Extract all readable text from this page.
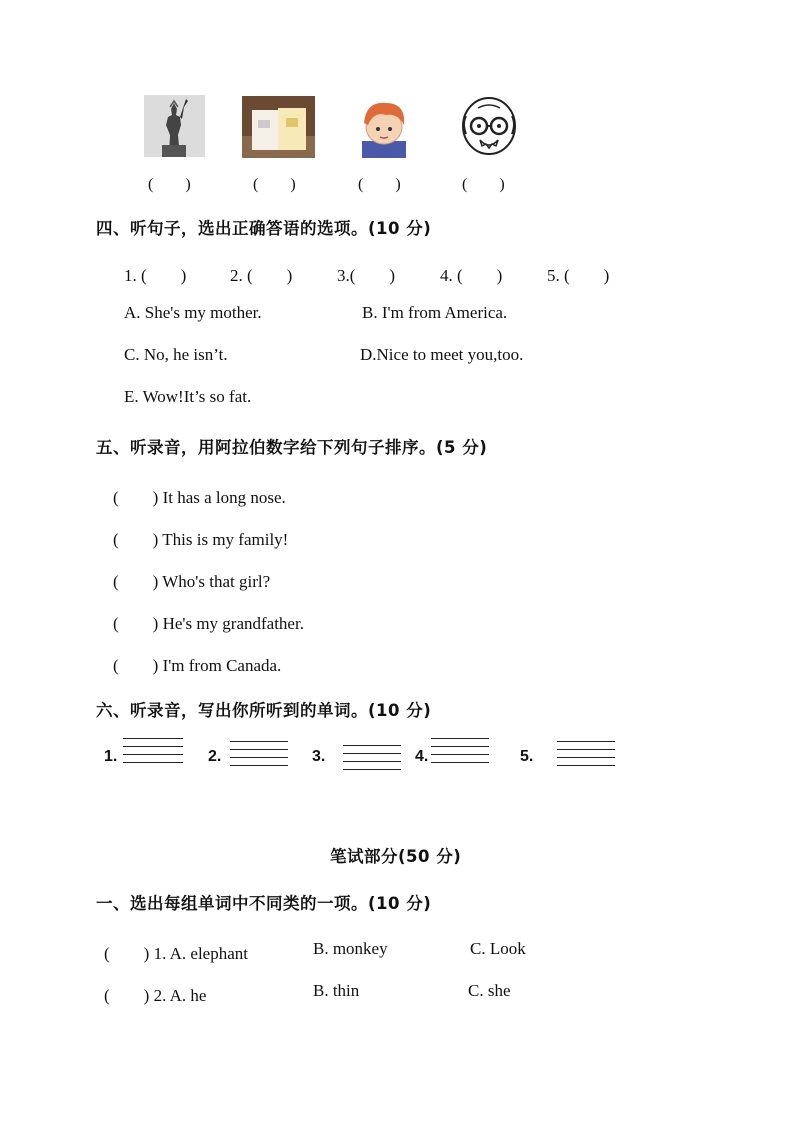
(　　)	(　　)	(　　)	(　　)
四、听句子，选出正确答语的选项。(10 分)
1. (　　)	2. (　　)	3.(　　)	4. (　　)	5. (　　)
A. She's my mother.	B. I'm from America.
C. No, he isn’t.	D.Nice to meet you,too.
E. Wow!It’s so fat.
五、听录音，用阿拉伯数字给下列句子排序。(5 分)
(　　) It has a long nose.
(　　) This is my family!
(　　) Who's that girl?
(　　) He's my grandfather.
(　　) I'm from Canada.
六、听录音，写出你所听到的单词。(10 分)
1.	2.	3.	4.	5.
笔试部分(50 分)
一、选出每组单词中不同类的一项。(10 分)
(　　) 1. A. elephant	B. monkey	C. Look
(　　) 2. A. he	B. thin	C. she
